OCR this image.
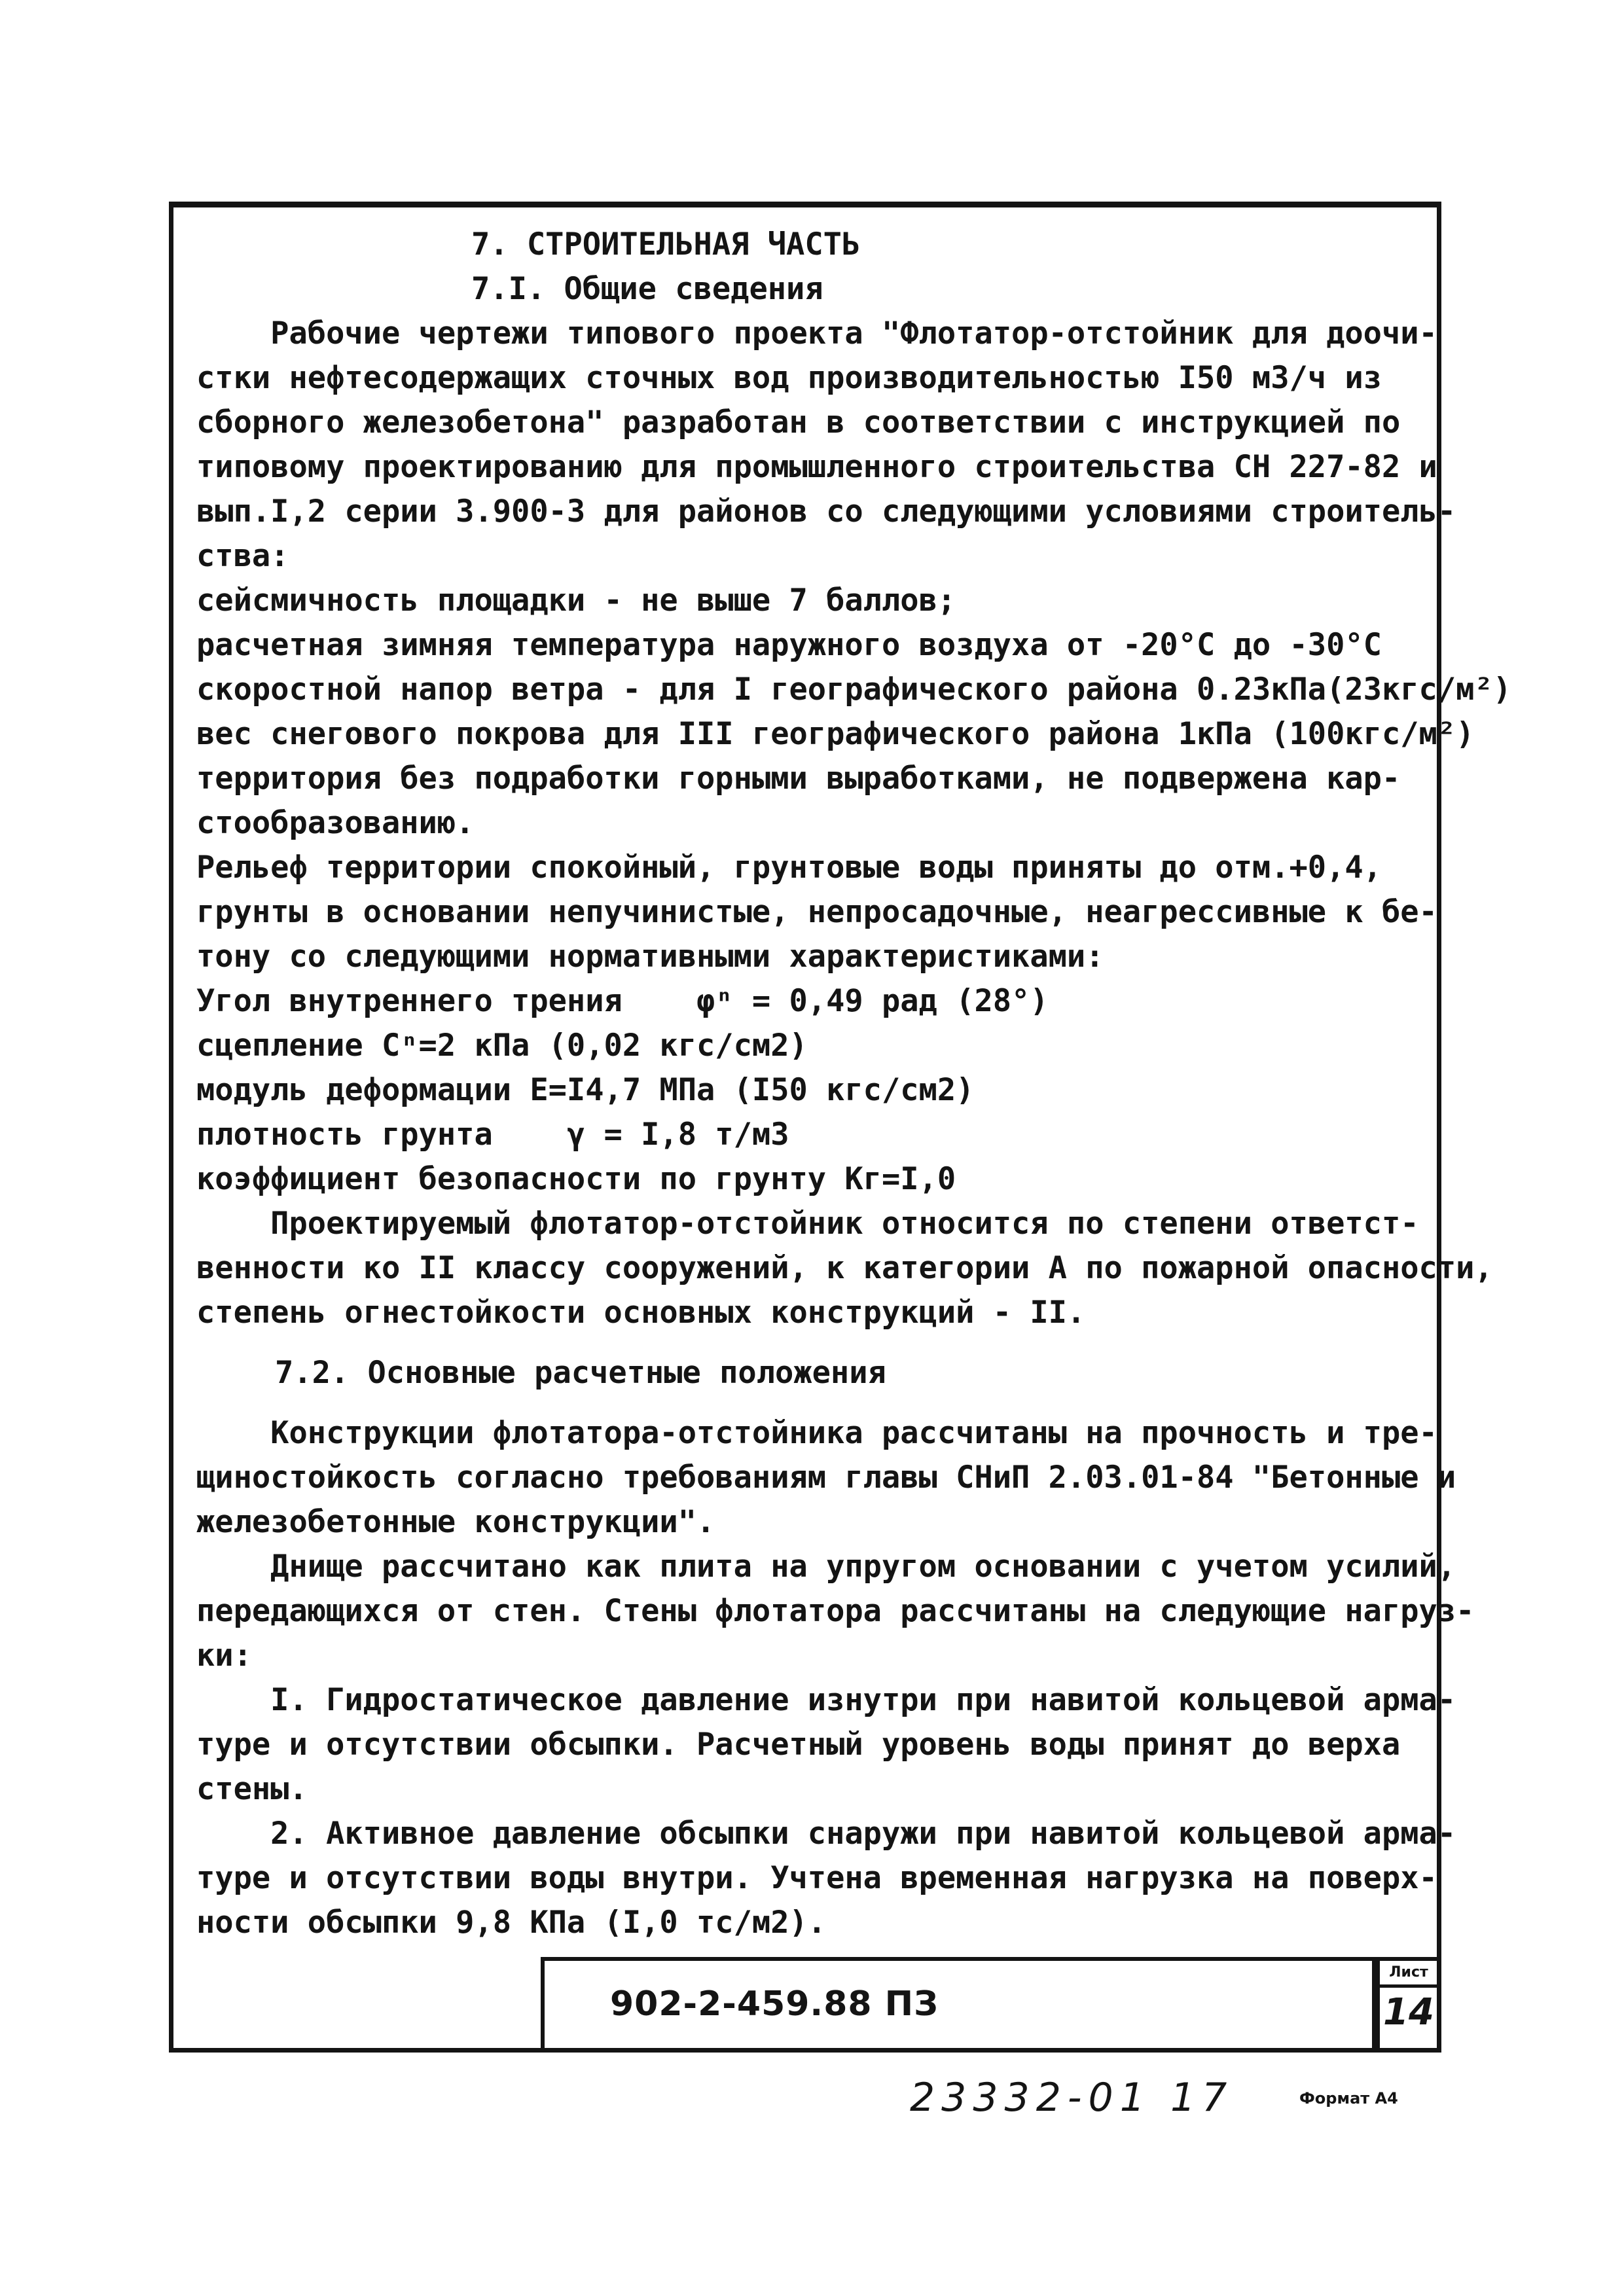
7. СТРОИТЕЛЬНАЯ ЧАСТЬ
7.I. Общие сведения
Рабочие чертежи типового проекта "Флотатор-отстойник для доочи-
стки нефтесодержащих сточных вод производительностью I50 м3/ч из
сборного железобетона" разработан в соответствии с инструкцией по
типовому проектированию для промышленного строительства СН 227-82 и
вып.I,2 серии 3.900-3 для районов со следующими условиями строитель-
ства:
сейсмичность площадки - не выше 7 баллов;
расчетная зимняя температура наружного воздуха от -20°С до -30°С
скоростной напор ветра - для I географического района 0.23кПа(23кгс/м²)
вес снегового покрова для III географического района 1кПа (100кгс/м²)
территория без подработки горными выработками, не подвержена кар-
стообразованию.
Рельеф территории спокойный, грунтовые воды приняты до отм.+0,4,
грунты в основании непучинистые, непросадочные, неагрессивные к бе-
тону со следующими нормативными характеристиками:
Угол внутреннего трения    φⁿ = 0,49 рад (28°)
сцепление Cⁿ=2 кПа (0,02 кгс/см2)
модуль деформации Е=I4,7 МПа (I50 кгс/см2)
плотность грунта    γ = I,8 т/м3
коэффициент безопасности по грунту Кг=I,0
Проектируемый флотатор-отстойник относится по степени ответст-
венности ко II классу сооружений, к категории А по пожарной опасности,
степень огнестойкости основных конструкций - II.
7.2. Основные расчетные положения
Конструкции флотатора-отстойника рассчитаны на прочность и тре-
щиностойкость согласно требованиям главы СНиП 2.03.01-84 "Бетонные и
железобетонные конструкции".
Днище рассчитано как плита на упругом основании с учетом усилий,
передающихся от стен. Стены флотатора рассчитаны на следующие нагруз-
ки:
I. Гидростатическое давление изнутри при навитой кольцевой арма-
туре и отсутствии обсыпки. Расчетный уровень воды принят до верха
стены.
2. Активное давление обсыпки снаружи при навитой кольцевой арма-
туре и отсутствии воды внутри. Учтена временная нагрузка на поверх-
ности обсыпки 9,8 КПа (I,0 тс/м2).
902-2-459.88 ПЗ
Лист
14
23332-01 17	Формат А4
